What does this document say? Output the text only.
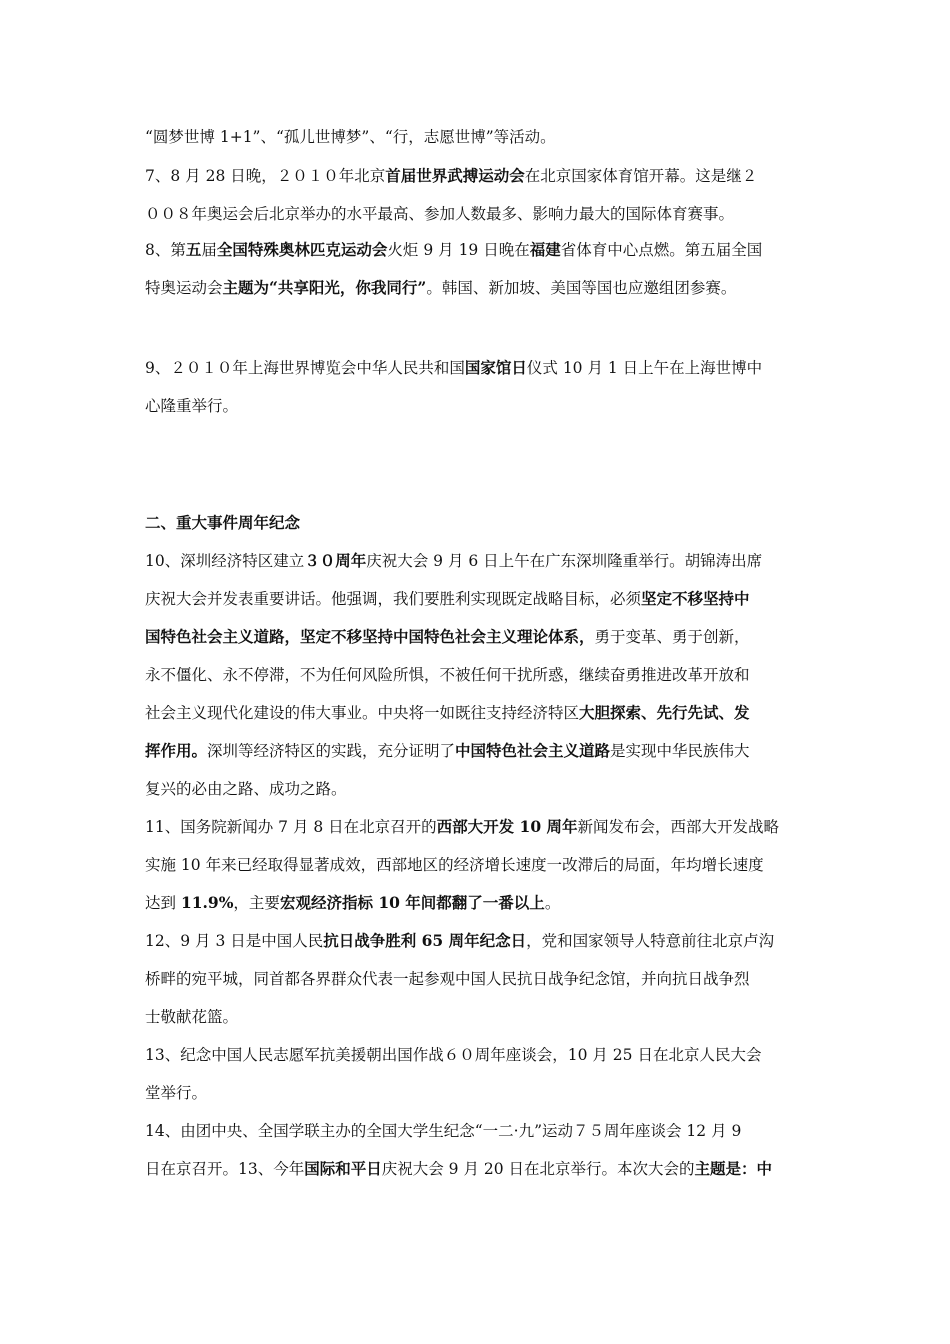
“圆梦世博 1+1”、“孤儿世博梦”、“行，志愿世博”等活动。
7、8 月 28 日晚，２０１０年北京首届世界武搏运动会在北京国家体育馆开幕。这是继２
００８年奥运会后北京举办的水平最高、参加人数最多、影响力最大的国际体育赛事。
8、第五届全国特殊奥林匹克运动会火炬 9 月 19 日晚在福建省体育中心点燃。第五届全国
特奥运动会主题为“共享阳光，你我同行”。韩国、新加坡、美国等国也应邀组团参赛。
9、２０１０年上海世界博览会中华人民共和国国家馆日仪式 10 月 1 日上午在上海世博中
心隆重举行。
二、重大事件周年纪念
10、深圳经济特区建立３０周年庆祝大会 9 月 6 日上午在广东深圳隆重举行。胡锦涛出席
庆祝大会并发表重要讲话。他强调，我们要胜利实现既定战略目标，必须坚定不移坚持中
国特色社会主义道路，坚定不移坚持中国特色社会主义理论体系，勇于变革、勇于创新，
永不僵化、永不停滞，不为任何风险所惧，不被任何干扰所惑，继续奋勇推进改革开放和
社会主义现代化建设的伟大事业。中央将一如既往支持经济特区大胆探索、先行先试、发
挥作用。深圳等经济特区的实践，充分证明了中国特色社会主义道路是实现中华民族伟大
复兴的必由之路、成功之路。
11、国务院新闻办 7 月 8 日在北京召开的西部大开发 10 周年新闻发布会，西部大开发战略
实施 10 年来已经取得显著成效，西部地区的经济增长速度一改滞后的局面，年均增长速度
达到 11.9%，主要宏观经济指标 10 年间都翻了一番以上。
12、9 月 3 日是中国人民抗日战争胜利 65 周年纪念日，党和国家领导人特意前往北京卢沟
桥畔的宛平城，同首都各界群众代表一起参观中国人民抗日战争纪念馆，并向抗日战争烈
士敬献花篮。
13、纪念中国人民志愿军抗美援朝出国作战６０周年座谈会，10 月 25 日在北京人民大会
堂举行。
14、由团中央、全国学联主办的全国大学生纪念“一二·九”运动７５周年座谈会 12 月 9
日在京召开。13、今年国际和平日庆祝大会 9 月 20 日在北京举行。本次大会的主题是：中
